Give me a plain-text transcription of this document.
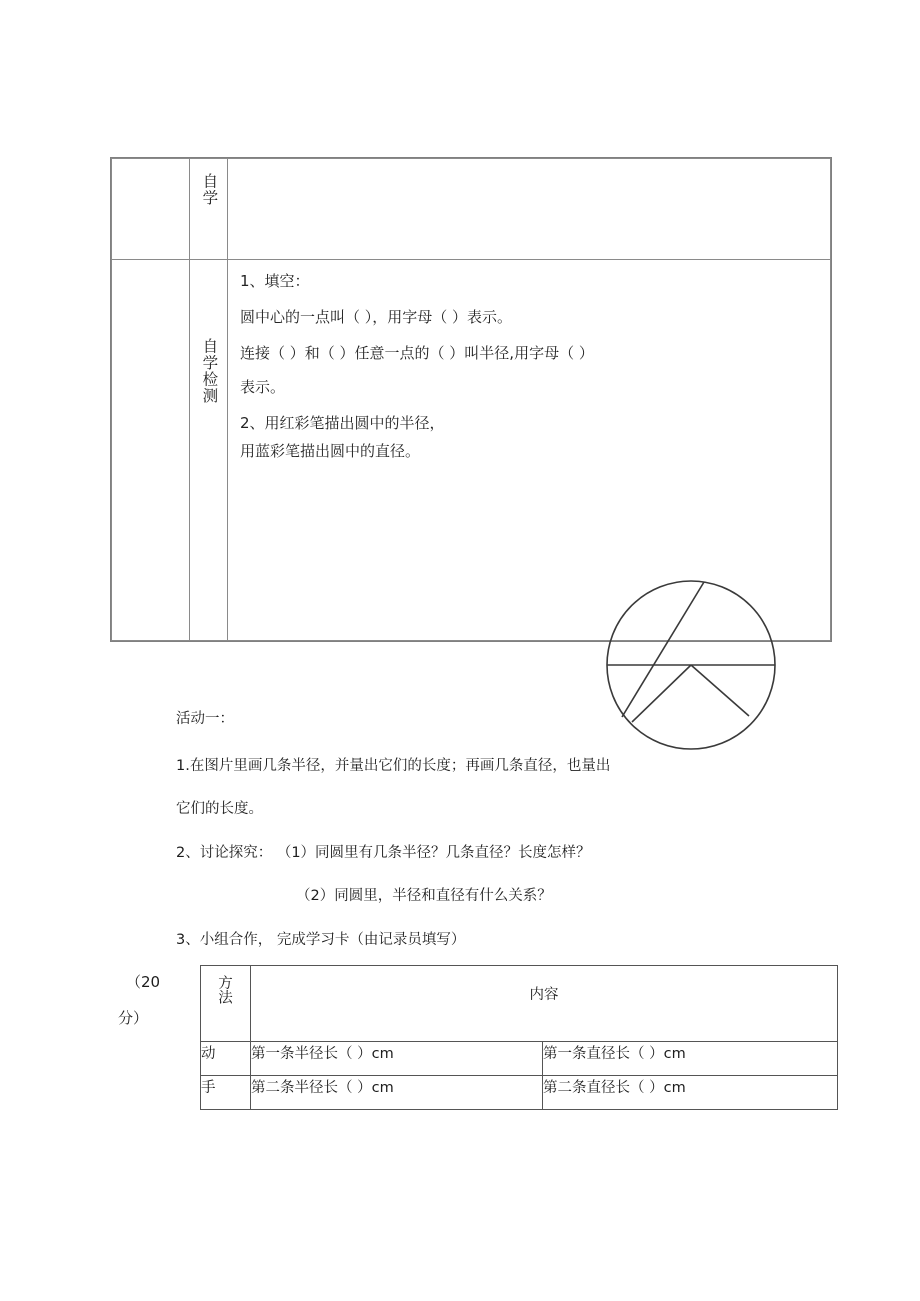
	自学	

自学检测

1、填空：
圆中心的一点叫（ ），用字母（ ）表示。
连接（ ）和（ ）任意一点的（ ）叫半径,用字母（ ）
表示。
2、用红彩笔描出圆中的半径，
用蓝彩笔描出圆中的直径。
活动一：
1.在图片里画几条半径，并量出它们的长度；再画几条直径，也量出
它们的长度。
2、讨论探究： （1）同圆里有几条半径？几条直径？长度怎样？
（2）同圆里，半径和直径有什么关系？
3、小组合作， 完成学习卡（由记录员填写）
（20
分）
方法	内容	

动	第一条半径长（ ）cm	第一条直径长（ ）cm
手	第二条半径长（ ）cm	第二条直径长（ ）cm
